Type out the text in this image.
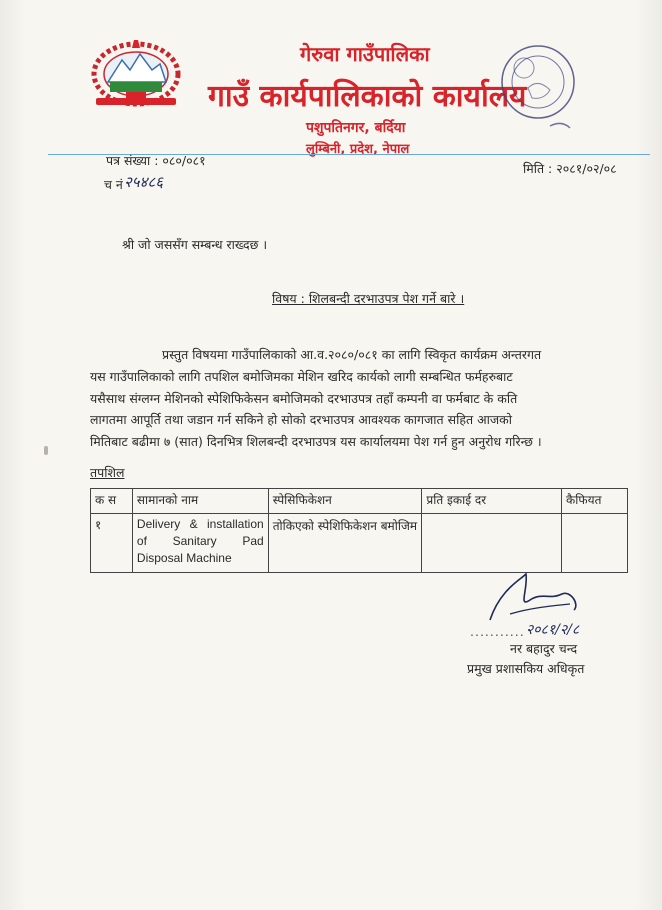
गेरुवा गाउँपालिका
गाउँ कार्यपालिकाको कार्यालय
पशुपतिनगर, बर्दिया
लुम्बिनी, प्रदेश, नेपाल
पत्र संख्या : ०८०/०८१
च नं २५४८६
मिति : २०८१/०२/०८
श्री जो जससँग सम्बन्ध राख्दछ ।
विषय : शिलबन्दी दरभाउपत्र पेश गर्ने बारे ।
प्रस्तुत विषयमा गाउँपालिकाको आ.व.२०८०/०८१ का लागि स्विकृत कार्यक्रम अन्तरगत
यस गाउँपालिकाको लागि तपशिल बमोजिमका मेशिन खरिद कार्यको लागी सम्बन्धित फर्महरुबाट
यसैसाथ संग्लग्न मेशिनको स्पेशिफिकेसन बमोजिमको दरभाउपत्र तहाँ कम्पनी वा फर्मबाट के कति
लागतमा आपूर्ति तथा जडान गर्न सकिने हो सोको दरभाउपत्र आवश्यक कागजात सहित आजको
मितिबाट बढीमा ७ (सात) दिनभित्र शिलबन्दी दरभाउपत्र यस कार्यालयमा पेश गर्न हुन अनुरोध गरिन्छ ।
तपशिल
क स	सामानको नाम	स्पेसिफिकेशन	प्रति इकाई दर	कैफियत
१	Delivery & installation of Sanitary Pad Disposal Machine	तोकिएको स्पेशिफिकेशन बमोजिम		
........... २०८१/२/८
नर बहादुर चन्द
प्रमुख प्रशासकिय अधिकृत
